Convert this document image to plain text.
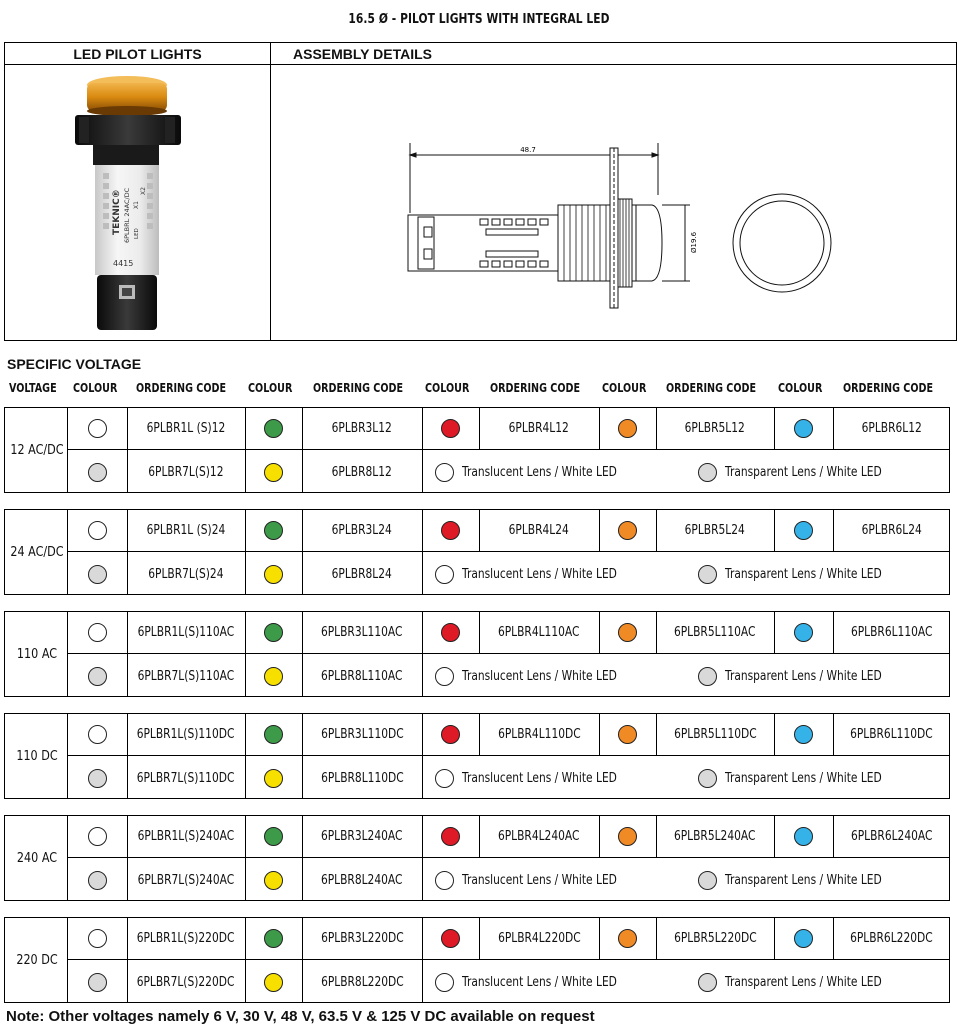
16.5 Ø - PILOT LIGHTS WITH INTEGRAL LED
LED PILOT LIGHTS	ASSEMBLY DETAILS
TEKNIC® 6PLBRL 24AC/DC X1
X2
LED
4415
48.7
Ø19.6
SPECIFIC VOLTAGE
VOLTAGE COLOUR ORDERING CODE COLOUR ORDERING CODE COLOUR ORDERING CODE COLOUR ORDERING CODE COLOUR ORDERING CODE
12 AC/DC
6PLBR1L (S)12	6PLBR3L12	6PLBR4L12	6PLBR5L12	6PLBR6L12
6PLBR7L(S)12	6PLBR8L12	Translucent Lens / White LED	Transparent Lens / White LED
24 AC/DC
6PLBR1L (S)24	6PLBR3L24	6PLBR4L24	6PLBR5L24	6PLBR6L24
6PLBR7L(S)24	6PLBR8L24	Translucent Lens / White LED	Transparent Lens / White LED
110 AC
6PLBR1L(S)110AC	6PLBR3L110AC	6PLBR4L110AC	6PLBR5L110AC	6PLBR6L110AC
6PLBR7L(S)110AC	6PLBR8L110AC	Translucent Lens / White LED	Transparent Lens / White LED
110 DC
6PLBR1L(S)110DC	6PLBR3L110DC	6PLBR4L110DC	6PLBR5L110DC	6PLBR6L110DC
6PLBR7L(S)110DC	6PLBR8L110DC	Translucent Lens / White LED	Transparent Lens / White LED
240 AC
6PLBR1L(S)240AC	6PLBR3L240AC	6PLBR4L240AC	6PLBR5L240AC	6PLBR6L240AC
6PLBR7L(S)240AC	6PLBR8L240AC	Translucent Lens / White LED	Transparent Lens / White LED
220 DC
6PLBR1L(S)220DC	6PLBR3L220DC	6PLBR4L220DC	6PLBR5L220DC	6PLBR6L220DC
6PLBR7L(S)220DC	6PLBR8L220DC	Translucent Lens / White LED	Transparent Lens / White LED
Note: Other voltages namely 6 V, 30 V, 48 V, 63.5 V & 125 V DC available on request
